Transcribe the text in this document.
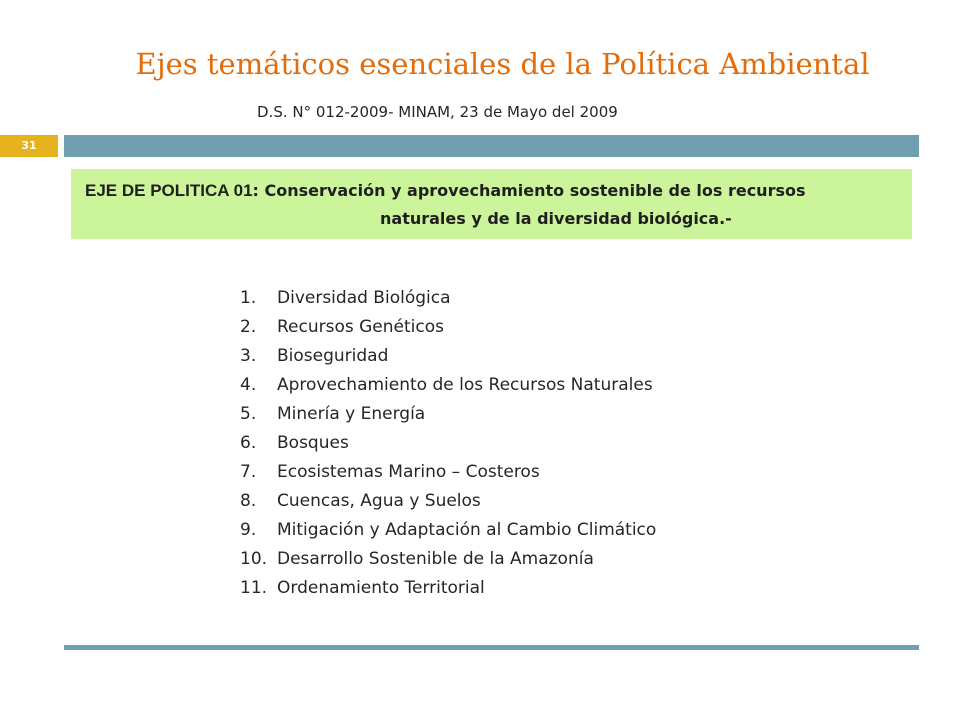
Ejes temáticos esenciales de la Política Ambiental
D.S. N° 012-2009- MINAM, 23 de Mayo del 2009
31
EJE DE POLITICA 01: Conservación y aprovechamiento sostenible de los recursos
naturales y de la diversidad biológica.-
1.	Diversidad Biológica
2.	Recursos Genéticos
3.	Bioseguridad
4.	Aprovechamiento de los Recursos Naturales
5.	Minería y Energía
6.	Bosques
7.	Ecosistemas Marino – Costeros
8.	Cuencas, Agua y Suelos
9.	Mitigación y Adaptación al Cambio Climático
10. Desarrollo Sostenible de la Amazonía
11. Ordenamiento Territorial
